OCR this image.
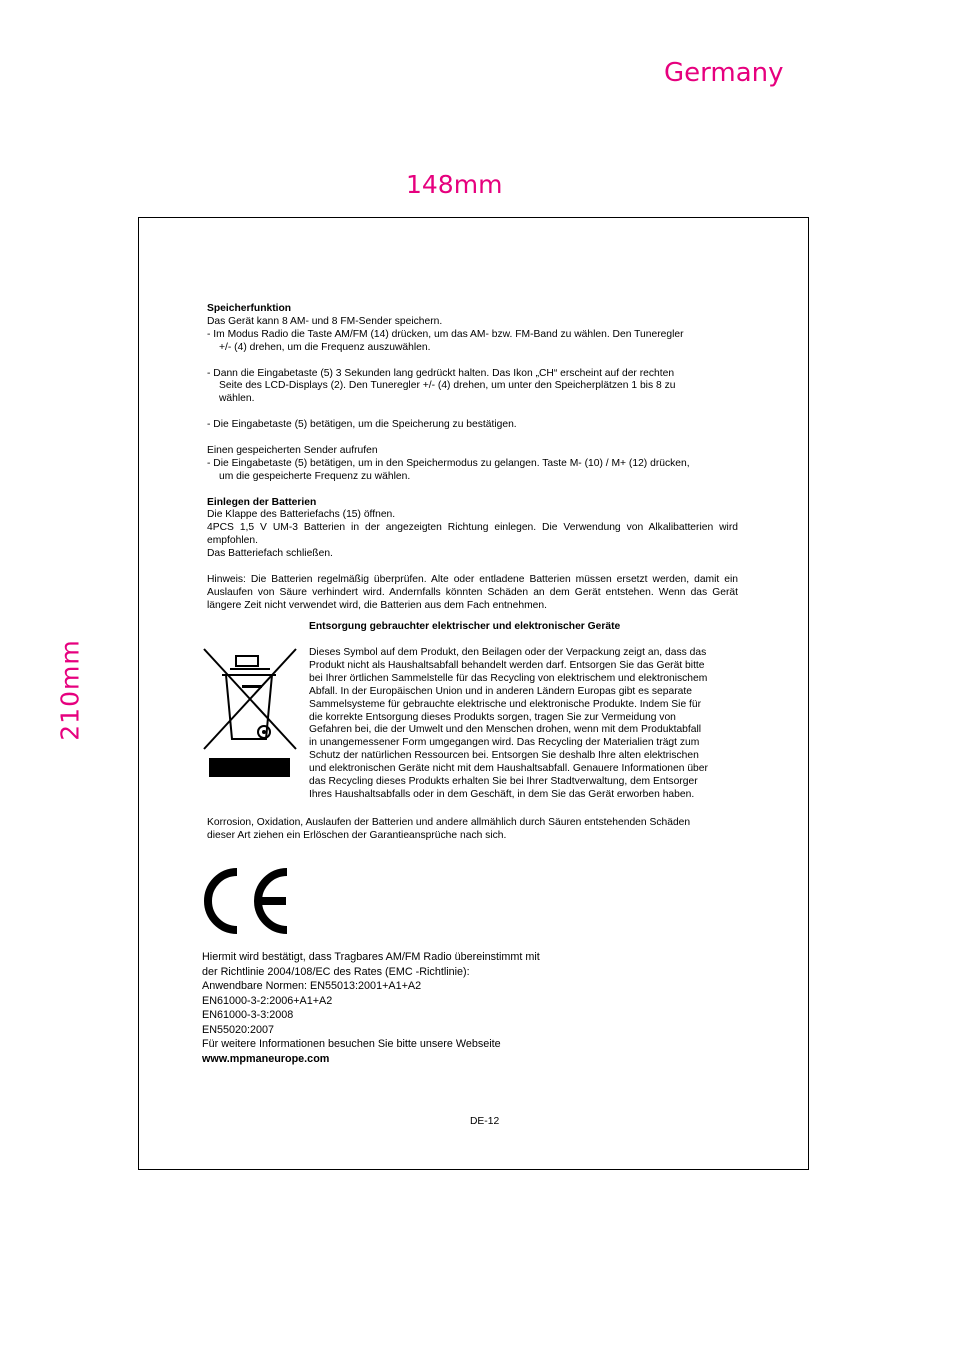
Germany
148mm
210mm

Speicherfunktion

Das Gerät kann 8 AM- und 8 FM-Sender speichern.

- Im Modus Radio die Taste AM/FM (14) drücken, um das AM- bzw. FM-Band zu wählen. Den Tuneregler

+/- (4) drehen, um die Frequenz auszuwählen.

- Dann die Eingabetaste (5) 3 Sekunden lang gedrückt halten. Das Ikon „CH“ erscheint auf der rechten

Seite des LCD-Displays (2). Den Tuneregler +/- (4) drehen, um unter den Speicherplätzen 1 bis 8 zu

wählen.

- Die Eingabetaste (5) betätigen, um die Speicherung zu bestätigen.

Einen gespeicherten Sender aufrufen

- Die Eingabetaste (5) betätigen, um in den Speichermodus zu gelangen. Taste M- (10) / M+ (12) drücken,

um die gespeicherte Frequenz zu wählen.

Einlegen der Batterien

Die Klappe des Batteriefachs (15) öffnen.

4PCS 1,5 V UM-3 Batterien in der angezeigten Richtung einlegen. Die Verwendung von Alkalibatterien wird empfohlen.

Das Batteriefach schließen.

Hinweis: Die Batterien regelmäßig überprüfen. Alte oder entladene Batterien müssen ersetzt werden, damit ein Auslaufen von Säure verhindert wird. Andernfalls könnten Schäden an dem Gerät entstehen. Wenn das Gerät längere Zeit nicht verwendet wird, die Batterien aus dem Fach entnehmen.

Entsorgung gebrauchter elektrischer und elektronischer Geräte

Dieses Symbol auf dem Produkt, den Beilagen oder der Verpackung zeigt an, dass das

Produkt nicht als Haushaltsabfall behandelt werden darf. Entsorgen Sie das Gerät bitte

bei Ihrer örtlichen Sammelstelle für das Recycling von elektrischem und elektronischem

Abfall. In der Europäischen Union und in anderen Ländern Europas gibt es separate

Sammelsysteme für gebrauchte elektrische und elektronische Produkte. Indem Sie für

die korrekte Entsorgung dieses Produkts sorgen, tragen Sie zur Vermeidung von

Gefahren bei, die der Umwelt und den Menschen drohen, wenn mit dem Produktabfall

in unangemessener Form umgegangen wird. Das Recycling der Materialien trägt zum

Schutz der natürlichen Ressourcen bei. Entsorgen Sie deshalb Ihre alten elektrischen

und elektronischen Geräte nicht mit dem Haushaltsabfall. Genauere Informationen über

das Recycling dieses Produkts erhalten Sie bei Ihrer Stadtverwaltung, dem Entsorger

Ihres Haushaltsabfalls oder in dem Geschäft, in dem Sie das Gerät erworben haben.

Korrosion, Oxidation, Auslaufen der Batterien und andere allmählich durch Säuren entstehenden Schäden

dieser Art ziehen ein Erlöschen der Garantieansprüche nach sich.

Hiermit wird bestätigt, dass Tragbares AM/FM Radio übereinstimmt mit

der Richtlinie 2004/108/EC des Rates (EMC -Richtlinie):

Anwendbare Normen: EN55013:2001+A1+A2

EN61000-3-2:2006+A1+A2

EN61000-3-3:2008

EN55020:2007

Für weitere Informationen besuchen Sie bitte unsere Webseite

www.mpmaneurope.com

DE-12
